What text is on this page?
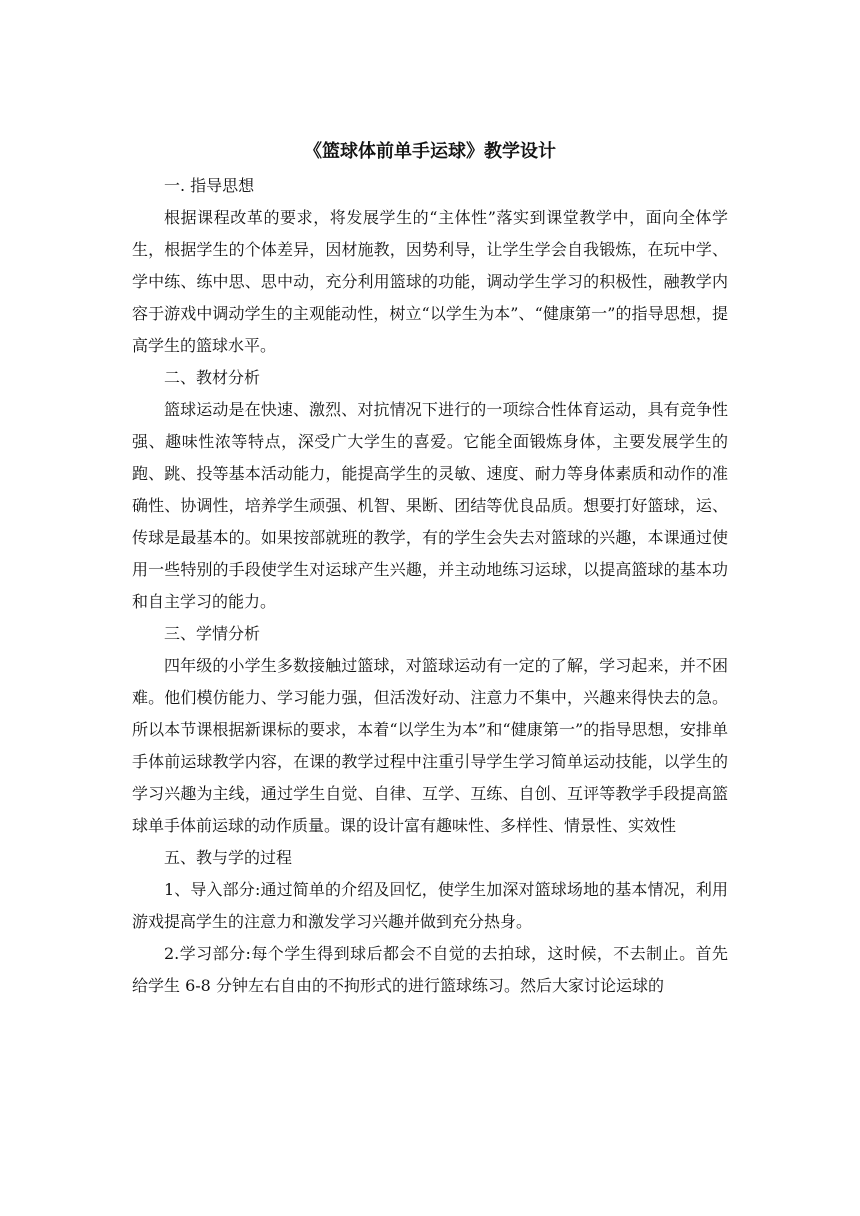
《篮球体前单手运球》教学设计
一. 指导思想

根据课程改革的要求，将发展学生的“主体性”落实到课堂教学中，面向全体学生，根据学生的个体差异，因材施教，因势利导，让学生学会自我锻炼，在玩中学、学中练、练中思、思中动，充分利用篮球的功能，调动学生学习的积极性，融教学内容于游戏中调动学生的主观能动性，树立“以学生为本”、“健康第一”的指导思想，提高学生的篮球水平。

二、教材分析

篮球运动是在快速、激烈、对抗情况下进行的一项综合性体育运动，具有竞争性强、趣味性浓等特点，深受广大学生的喜爱。它能全面锻炼身体，主要发展学生的跑、跳、投等基本活动能力，能提高学生的灵敏、速度、耐力等身体素质和动作的准确性、协调性，培养学生顽强、机智、果断、团结等优良品质。想要打好篮球，运、传球是最基本的。如果按部就班的教学，有的学生会失去对篮球的兴趣，本课通过使用一些特别的手段使学生对运球产生兴趣，并主动地练习运球，以提高篮球的基本功和自主学习的能力。

三、学情分析

四年级的小学生多数接触过篮球，对篮球运动有一定的了解，学习起来，并不困难。他们模仿能力、学习能力强，但活泼好动、注意力不集中，兴趣来得快去的急。所以本节课根据新课标的要求，本着“以学生为本”和“健康第一”的指导思想，安排单手体前运球教学内容，在课的教学过程中注重引导学生学习简单运动技能，以学生的学习兴趣为主线，通过学生自觉、自律、互学、互练、自创、互评等教学手段提高篮球单手体前运球的动作质量。课的设计富有趣味性、多样性、情景性、实效性

五、教与学的过程

1、导入部分:通过简单的介绍及回忆，使学生加深对篮球场地的基本情况，利用游戏提高学生的注意力和激发学习兴趣并做到充分热身。

2.学习部分:每个学生得到球后都会不自觉的去拍球，这时候，不去制止。首先给学生 6-8 分钟左右自由的不拘形式的进行篮球练习。然后大家讨论运球的
